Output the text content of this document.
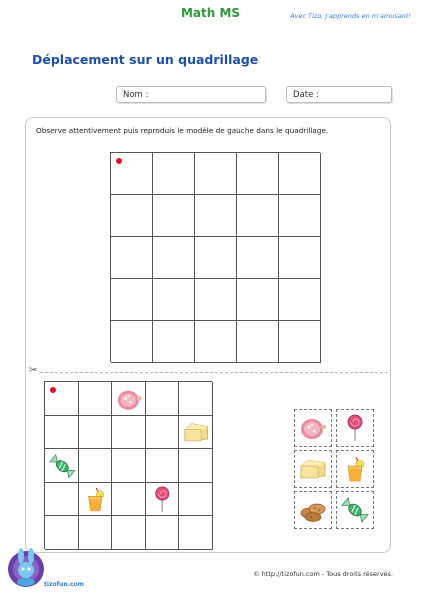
Math MS	Avec Tizo, j'apprends en m'amusant!
Déplacement sur un quadrillage
Nom :	Date :
Observe attentivement puis reproduis le modèle de gauche dans le quadrillage.
✂
tizofun.com
© http://tizofun.com - Tous droits réservés.
